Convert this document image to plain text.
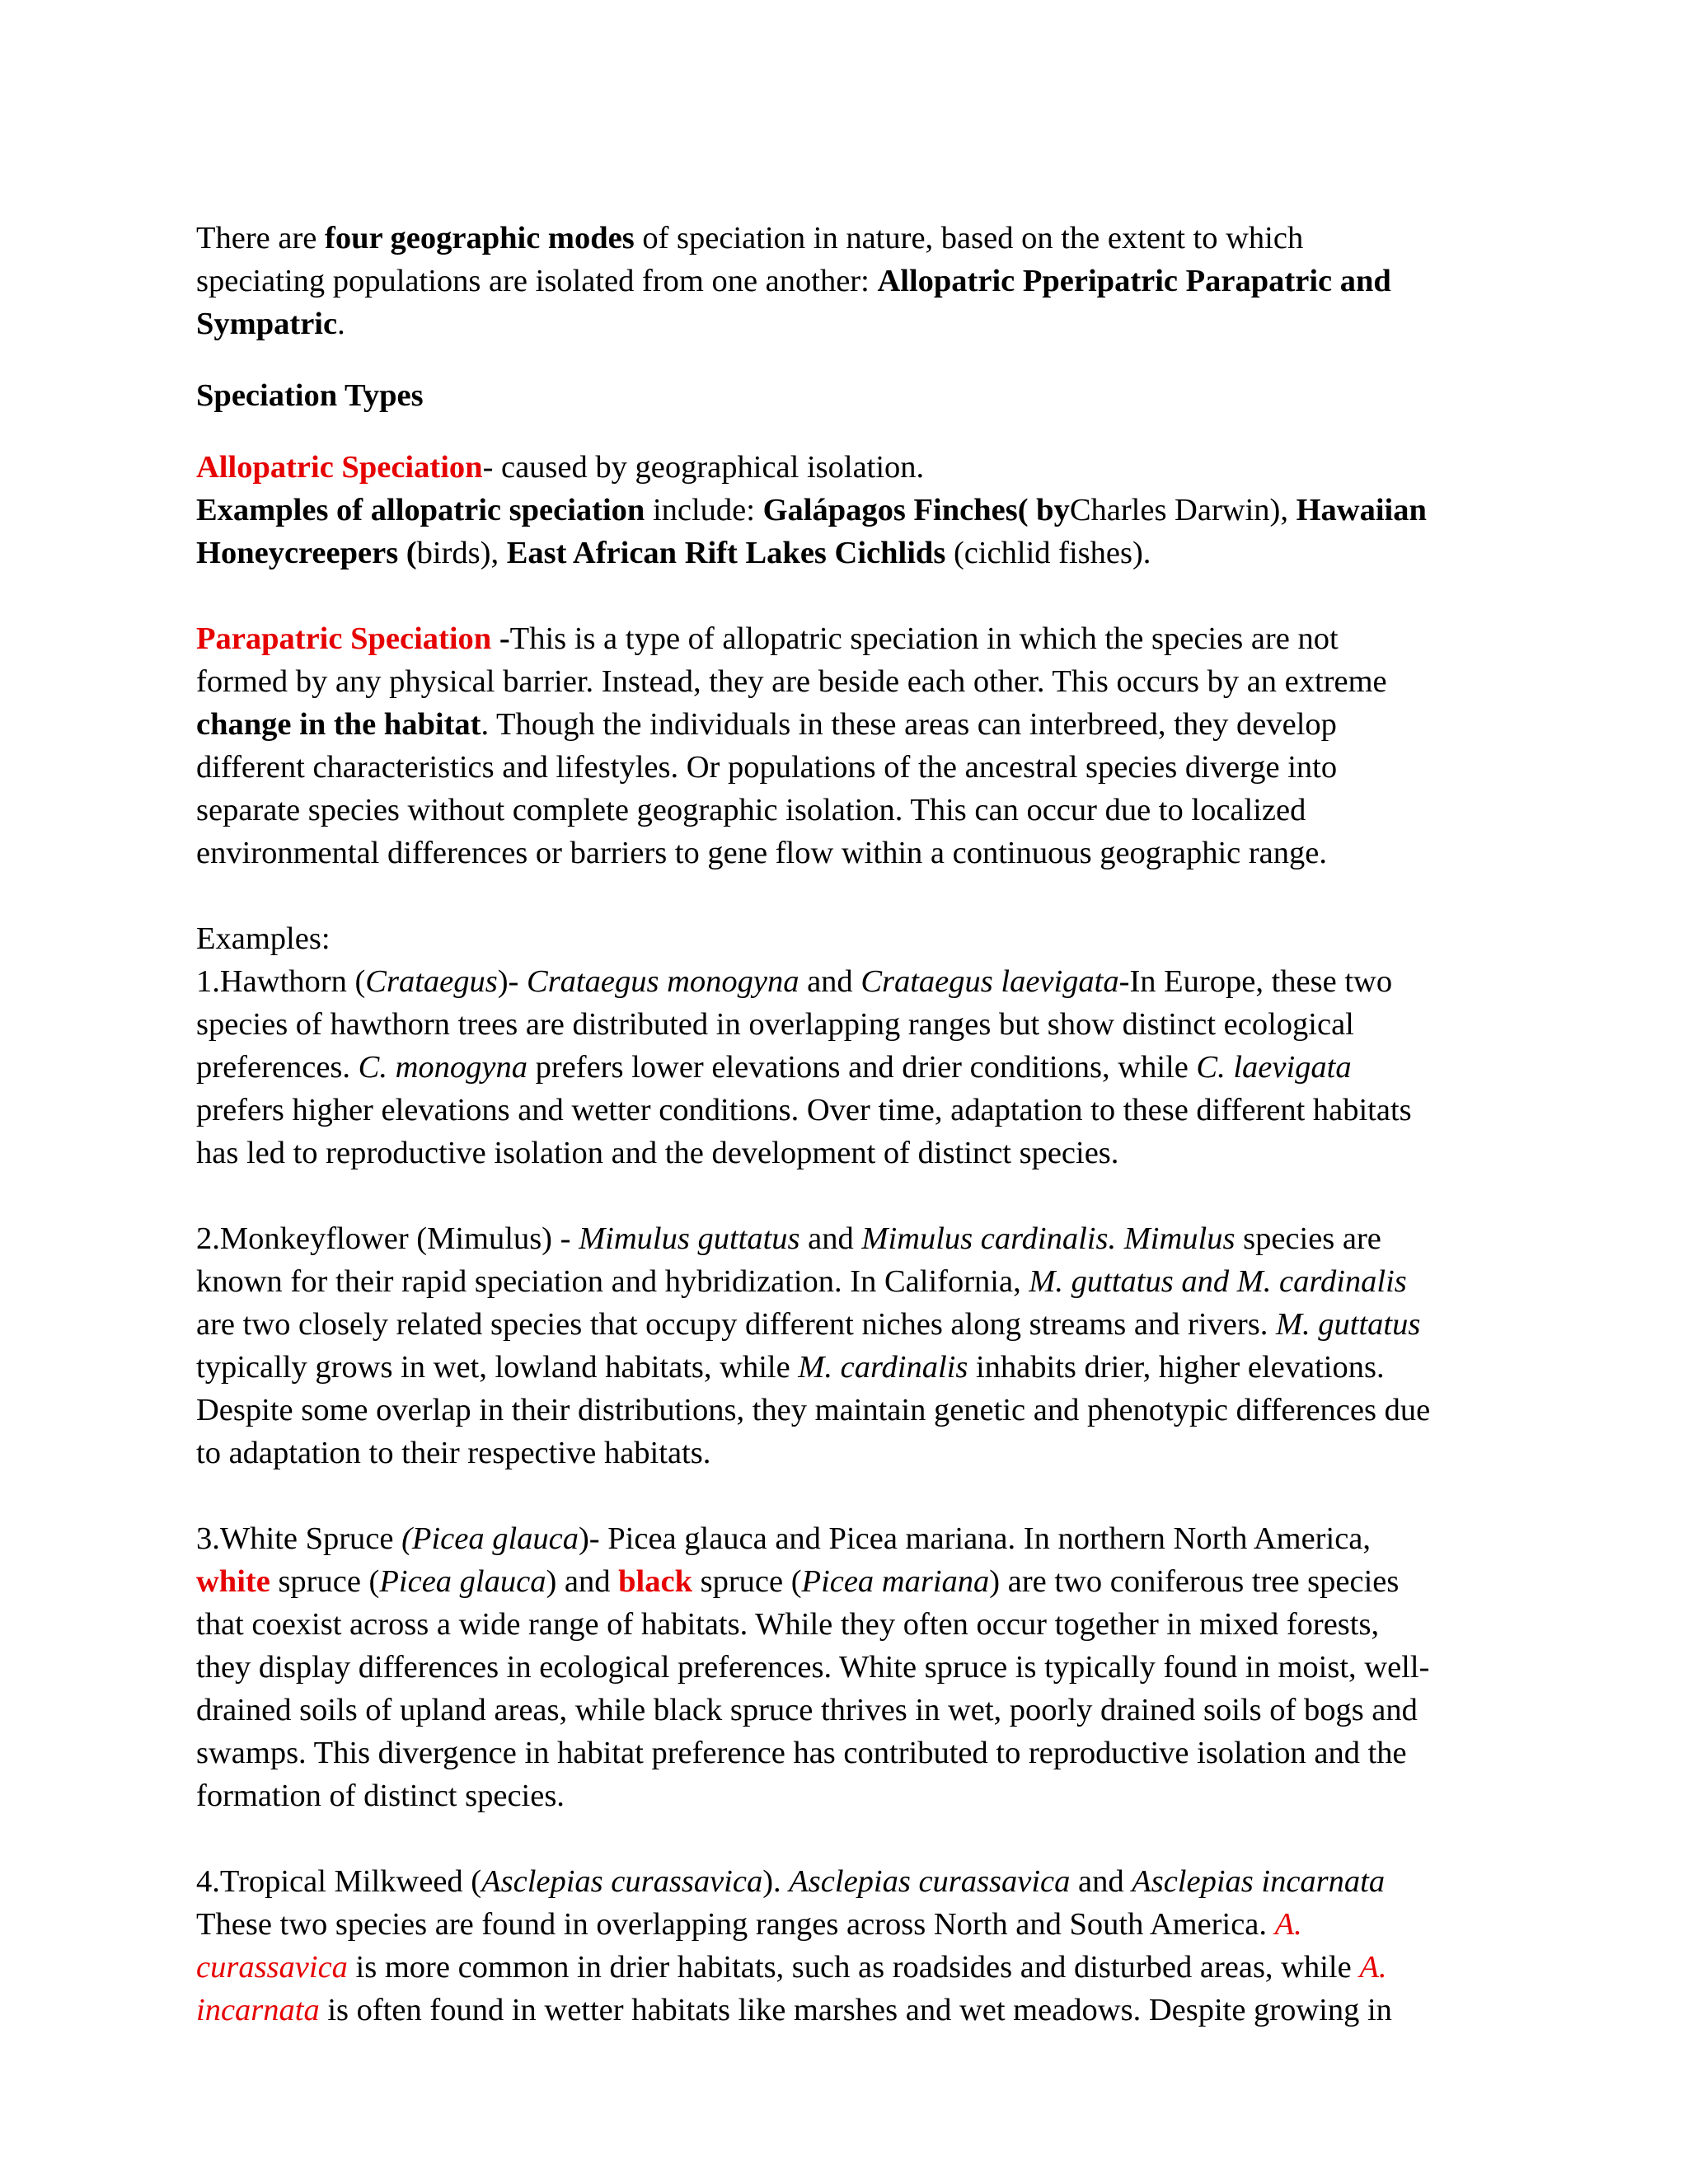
There are four geographic modes of speciation in nature, based on the extent to which
speciating populations are isolated from one another: Allopatric Pperipatric Parapatric and
Sympatric.
Speciation Types
Allopatric Speciation- caused by geographical isolation.
Examples of allopatric speciation include: Galápagos Finches( byCharles Darwin), Hawaiian
Honeycreepers (birds), East African Rift Lakes Cichlids (cichlid fishes).
Parapatric Speciation -This is a type of allopatric speciation in which the species are not
formed by any physical barrier. Instead, they are beside each other. This occurs by an extreme
change in the habitat. Though the individuals in these areas can interbreed, they develop
different characteristics and lifestyles. Or populations of the ancestral species diverge into
separate species without complete geographic isolation. This can occur due to localized
environmental differences or barriers to gene flow within a continuous geographic range.
Examples:
1.Hawthorn (Crataegus)- Crataegus monogyna and Crataegus laevigata-In Europe, these two
species of hawthorn trees are distributed in overlapping ranges but show distinct ecological
preferences. C. monogyna prefers lower elevations and drier conditions, while C. laevigata
prefers higher elevations and wetter conditions. Over time, adaptation to these different habitats
has led to reproductive isolation and the development of distinct species.
2.Monkeyflower (Mimulus) - Mimulus guttatus and Mimulus cardinalis. Mimulus species are
known for their rapid speciation and hybridization. In California, M. guttatus and M. cardinalis
are two closely related species that occupy different niches along streams and rivers. M. guttatus
typically grows in wet, lowland habitats, while M. cardinalis inhabits drier, higher elevations.
Despite some overlap in their distributions, they maintain genetic and phenotypic differences due
to adaptation to their respective habitats.
3.White Spruce (Picea glauca)- Picea glauca and Picea mariana. In northern North America,
white spruce (Picea glauca) and black spruce (Picea mariana) are two coniferous tree species
that coexist across a wide range of habitats. While they often occur together in mixed forests,
they display differences in ecological preferences. White spruce is typically found in moist, well-
drained soils of upland areas, while black spruce thrives in wet, poorly drained soils of bogs and
swamps. This divergence in habitat preference has contributed to reproductive isolation and the
formation of distinct species.
4.Tropical Milkweed (Asclepias curassavica). Asclepias curassavica and Asclepias incarnata
These two species are found in overlapping ranges across North and South America. A.
curassavica is more common in drier habitats, such as roadsides and disturbed areas, while A.
incarnata is often found in wetter habitats like marshes and wet meadows. Despite growing in
